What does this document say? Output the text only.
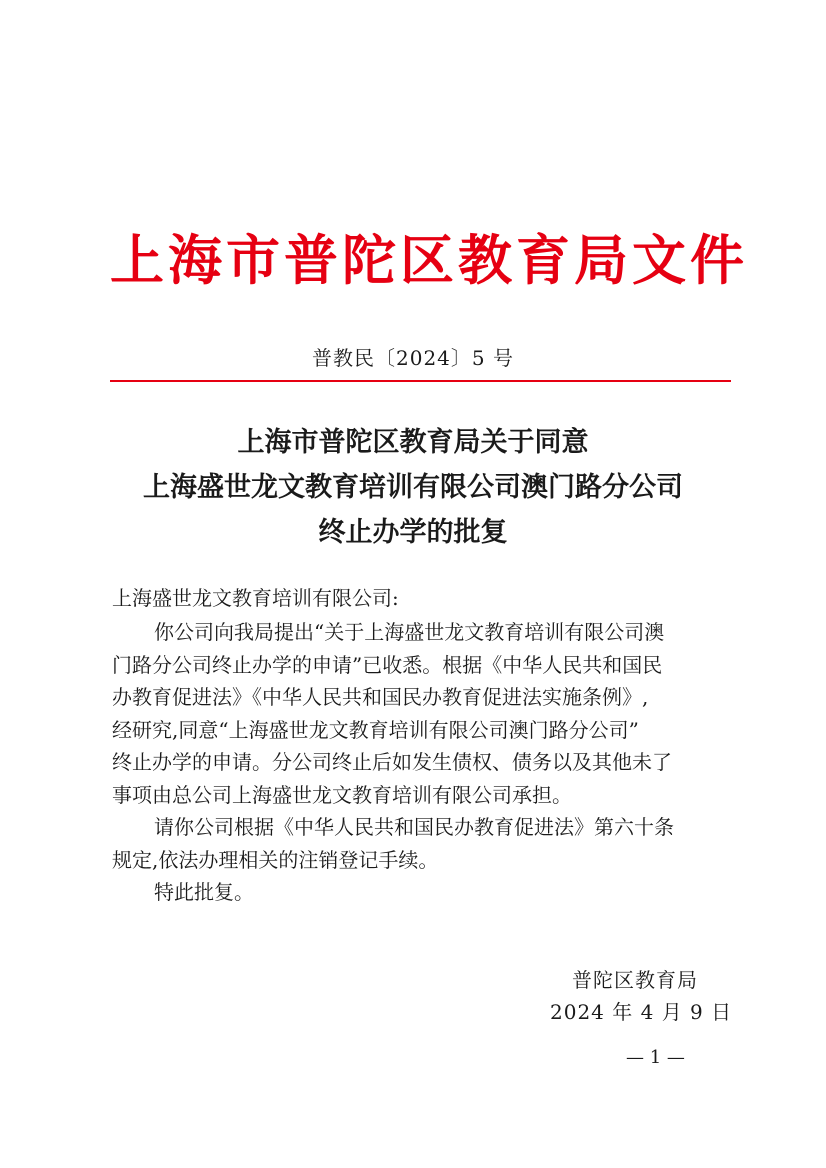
上海市普陀区教育局文件
普教民〔2024〕5 号
上海市普陀区教育局关于同意
上海盛世龙文教育培训有限公司澳门路分公司
终止办学的批复
上海盛世龙文教育培训有限公司:
你公司向我局提出“关于上海盛世龙文教育培训有限公司澳
门路分公司终止办学的申请”已收悉。根据《中华人民共和国民
办教育促进法》《中华人民共和国民办教育促进法实施条例》,
经研究,同意“上海盛世龙文教育培训有限公司澳门路分公司”
终止办学的申请。分公司终止后如发生债权、债务以及其他未了
事项由总公司上海盛世龙文教育培训有限公司承担。
请你公司根据《中华人民共和国民办教育促进法》第六十条
规定,依法办理相关的注销登记手续。
特此批复。
普陀区教育局
2024 年 4 月 9 日
— 1 —
